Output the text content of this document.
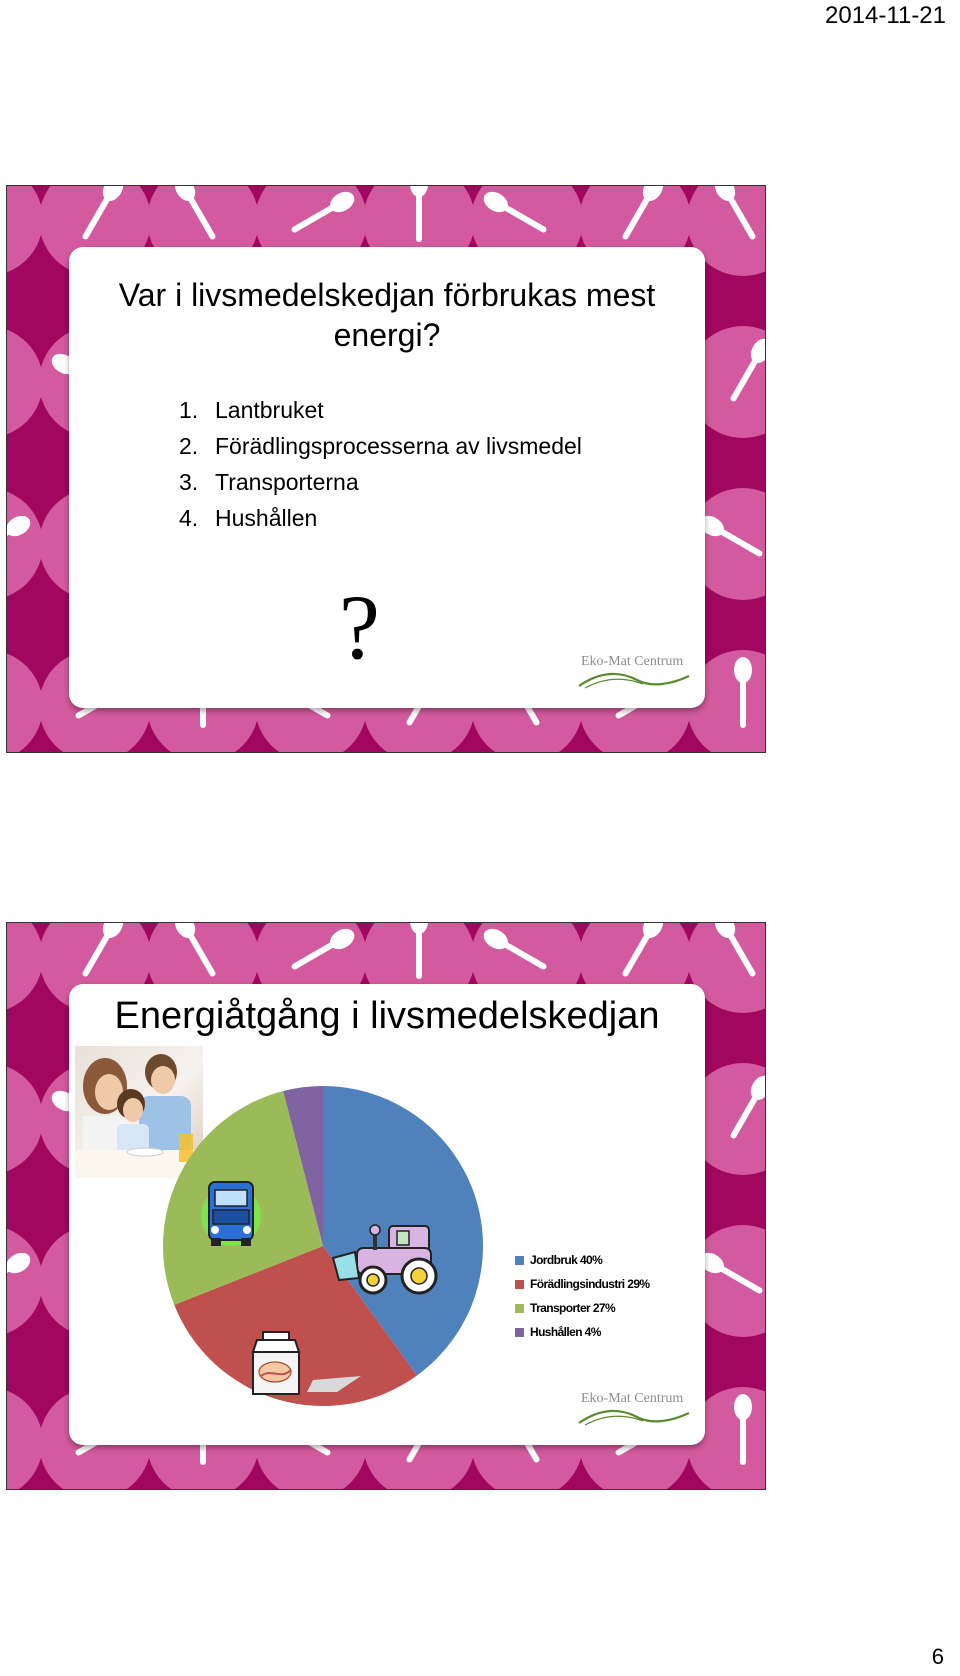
2014-11-21
Var i livsmedelskedjan förbrukas mest energi?
1. Lantbruket
2. Förädlingsprocesserna av livsmedel
3. Transporterna
4. Hushållen
?	Eko-Mat Centrum
Energiåtgång i livsmedelskedjan
Jordbruk 40%
Förädlingsindustri 29%
Transporter 27%
Hushållen 4%
Eko-Mat Centrum
6
